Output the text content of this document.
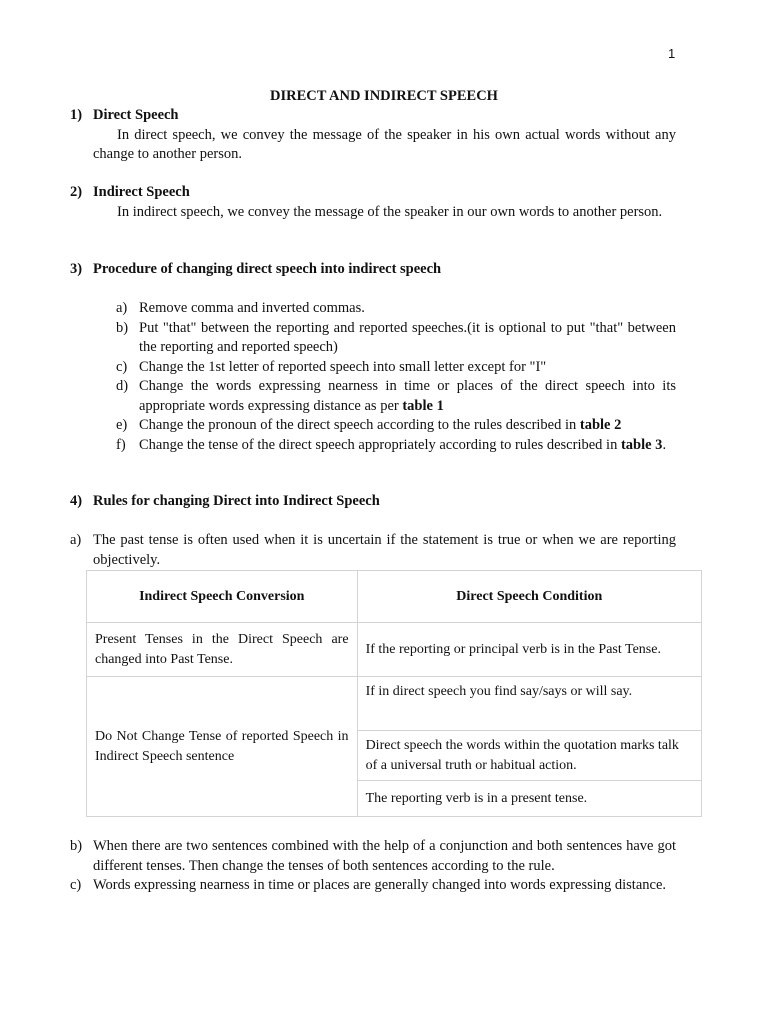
1
DIRECT AND INDIRECT SPEECH
1) Direct Speech
In direct speech, we convey the message of the speaker in his own actual words without any change to another person.
2) Indirect Speech
In indirect speech, we convey the message of the speaker in our own words to another person.
3) Procedure of changing direct speech into indirect speech
a) Remove comma and inverted commas.
b) Put "that" between the reporting and reported speeches.(it is optional to put "that" between the reporting and reported speech)
c) Change the 1st letter of reported speech into small letter except for "I"
d) Change the words expressing nearness in time or places of the direct speech into its appropriate words expressing distance as per table 1
e) Change the pronoun of the direct speech according to the rules described in table 2
f) Change the tense of the direct speech appropriately according to rules described in table 3.
4) Rules for changing Direct into Indirect Speech
a) The past tense is often used when it is uncertain if the statement is true or when we are reporting objectively.
Indirect Speech Conversion	Direct Speech Condition
Present Tenses in the Direct Speech are changed into Past Tense.	If the reporting or principal verb is in the Past Tense.
Do Not Change Tense of reported Speech in Indirect Speech sentence	If in direct speech you find say/says or will say.
	Direct speech the words within the quotation marks talk of a universal truth or habitual action.
	The reporting verb is in a present tense.
b) When there are two sentences combined with the help of a conjunction and both sentences have got different tenses. Then change the tenses of both sentences according to the rule.
c) Words expressing nearness in time or places are generally changed into words expressing distance.
